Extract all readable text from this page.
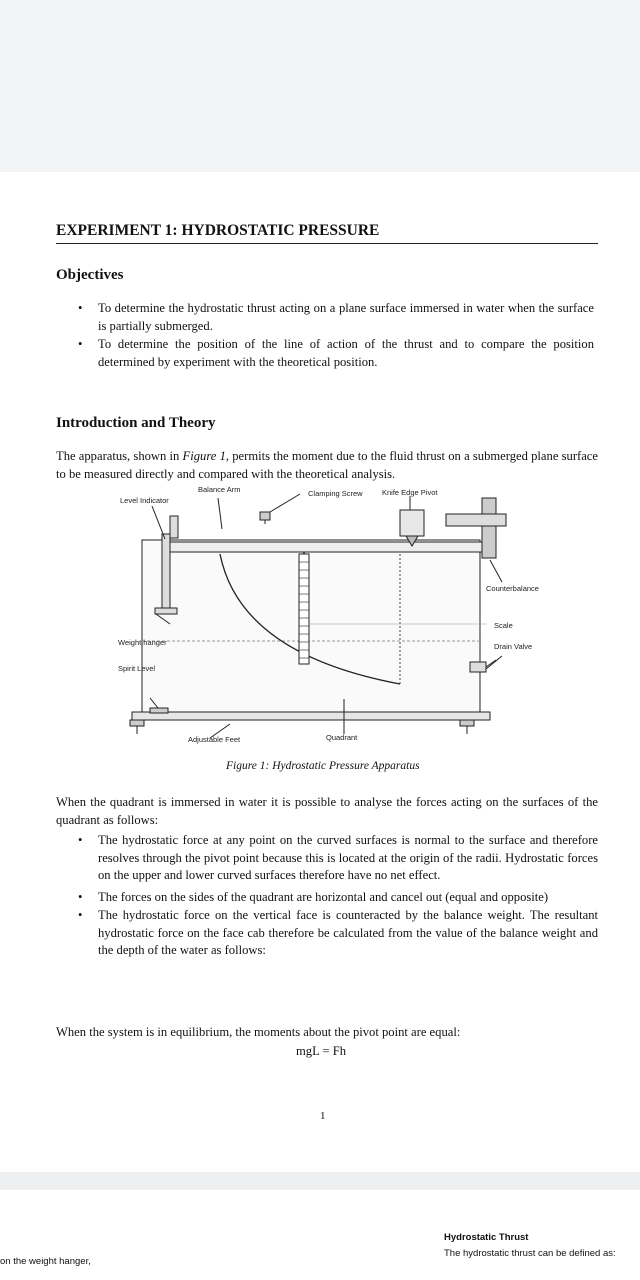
EXPERIMENT 1: HYDROSTATIC PRESSURE
Objectives
• To determine the hydrostatic thrust acting on a plane surface immersed in water when the surface is partially submerged.
• To determine the position of the line of action of the thrust and to compare the position determined by experiment with the theoretical position.
Introduction and Theory
The apparatus, shown in Figure 1, permits the moment due to the fluid thrust on a submerged plane surface to be measured directly and compared with the theoretical analysis.
Balance Arm
Level Indicator
Clamping Screw	Knife Edge Pivot
Counterbalance
Scale
Weight hanger	Drain Valve
Spirit Level
Adjustable Feet	Quadrant
Figure 1: Hydrostatic Pressure Apparatus
When the quadrant is immersed in water it is possible to analyse the forces acting on the surfaces of the quadrant as follows:
• The hydrostatic force at any point on the curved surfaces is normal to the surface and therefore resolves through the pivot point because this is located at the origin of the radii. Hydrostatic forces on the upper and lower curved surfaces therefore have no net effect.
• The forces on the sides of the quadrant are horizontal and cancel out (equal and opposite)
• The hydrostatic force on the vertical face is counteracted by the balance weight. The resultant hydrostatic force on the face cab therefore be calculated from the value of the balance weight and the depth of the water as follows:
When the system is in equilibrium, the moments about the pivot point are equal:
mgL = Fh
1
on the weight hanger,
Hydrostatic Thrust
The hydrostatic thrust can be defined as:
